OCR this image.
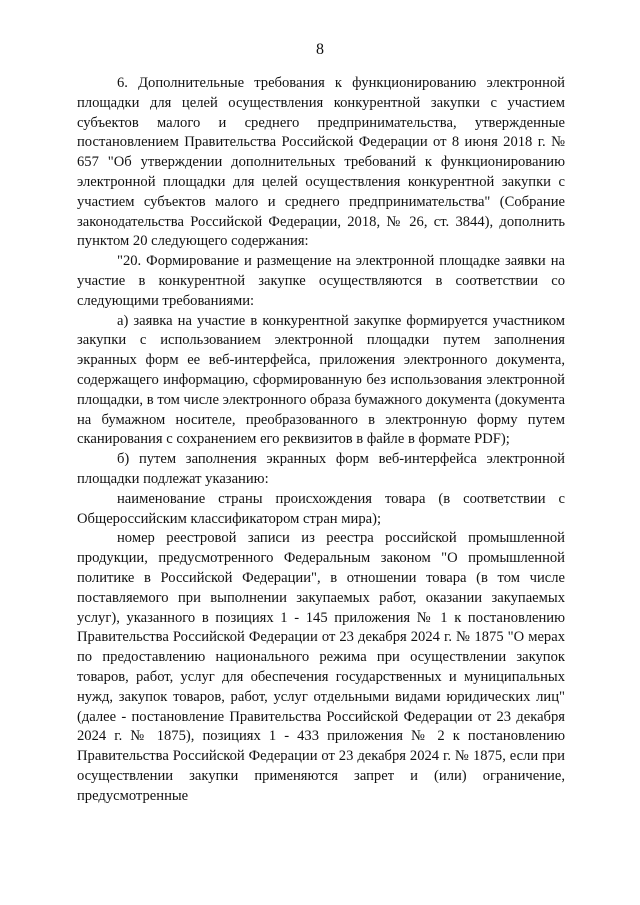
8

6. Дополнительные требования к функционированию электронной площадки для целей осуществления конкурентной закупки с участием субъектов малого и среднего предпринимательства, утвержденные постановлением Правительства Российской Федерации от 8 июня 2018 г. № 657 "Об утверждении дополнительных требований к функционированию электронной площадки для целей осуществления конкурентной закупки с участием субъектов малого и среднего предпринимательства" (Собрание законодательства Российской Федерации, 2018, № 26, ст. 3844), дополнить пунктом 20 следующего содержания:

"20. Формирование и размещение на электронной площадке заявки на участие в конкурентной закупке осуществляются в соответствии со следующими требованиями:

а) заявка на участие в конкурентной закупке формируется участником закупки с использованием электронной площадки путем заполнения экранных форм ее веб-интерфейса, приложения электронного документа, содержащего информацию, сформированную без использования электронной площадки, в том числе электронного образа бумажного документа (документа на бумажном носителе, преобразованного в электронную форму путем сканирования с сохранением его реквизитов в файле в формате PDF);

б) путем заполнения экранных форм веб-интерфейса электронной площадки подлежат указанию:

наименование страны происхождения товара (в соответствии с Общероссийским классификатором стран мира);

номер реестровой записи из реестра российской промышленной продукции, предусмотренного Федеральным законом "О промышленной политике в Российской Федерации", в отношении товара (в том числе поставляемого при выполнении закупаемых работ, оказании закупаемых услуг), указанного в позициях 1 - 145 приложения № 1 к постановлению Правительства Российской Федерации от 23 декабря 2024 г. № 1875 "О мерах по предоставлению национального режима при осуществлении закупок товаров, работ, услуг для обеспечения государственных и муниципальных нужд, закупок товаров, работ, услуг отдельными видами юридических лиц" (далее - постановление Правительства Российской Федерации от 23 декабря 2024 г. № 1875), позициях 1 - 433 приложения № 2 к постановлению Правительства Российской Федерации от 23 декабря 2024 г. № 1875, если при осуществлении закупки применяются запрет и (или) ограничение, предусмотренные
